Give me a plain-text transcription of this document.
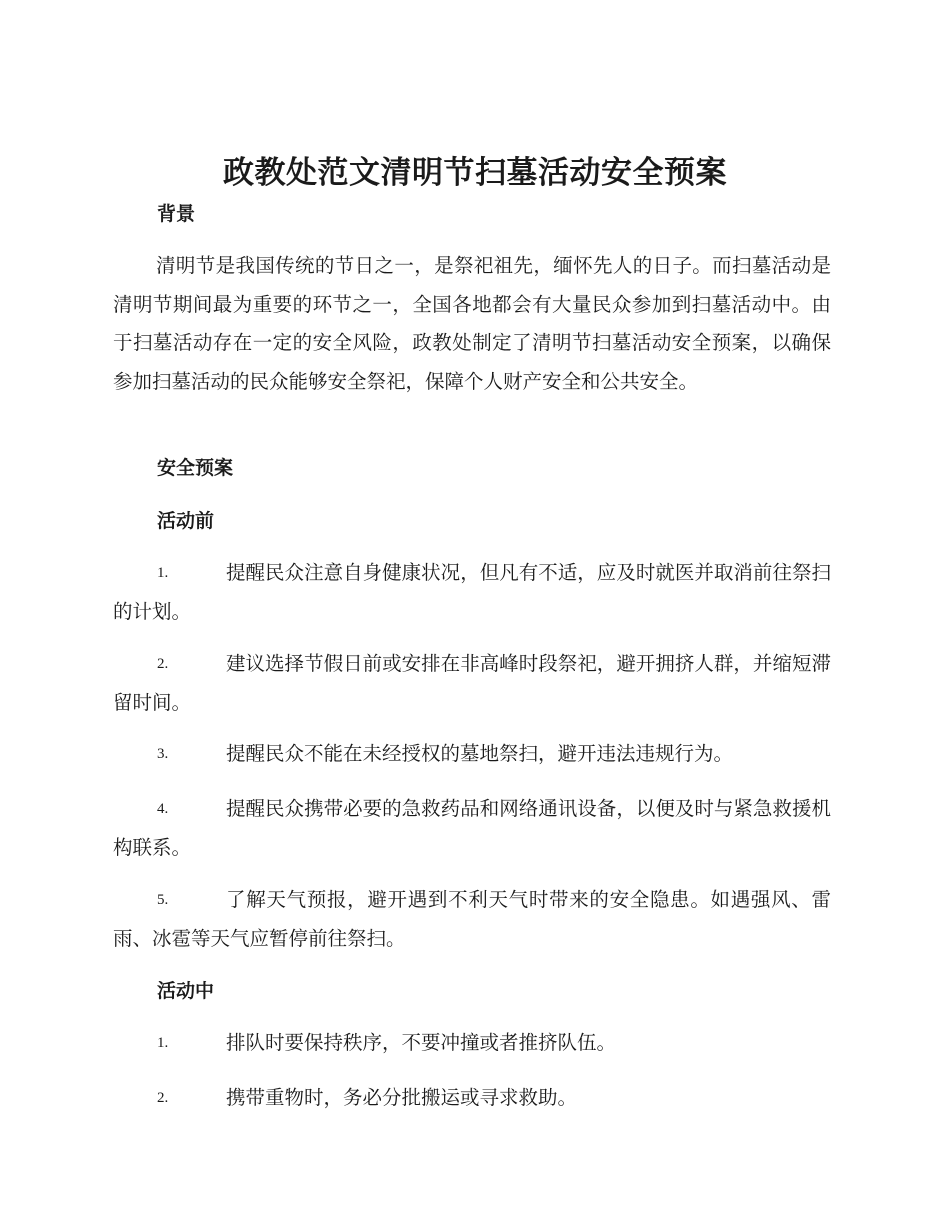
政教处范文清明节扫墓活动安全预案
背景
清明节是我国传统的节日之一，是祭祀祖先，缅怀先人的日子。而扫墓活动是清明节期间最为重要的环节之一，全国各地都会有大量民众参加到扫墓活动中。由于扫墓活动存在一定的安全风险，政教处制定了清明节扫墓活动安全预案，以确保参加扫墓活动的民众能够安全祭祀，保障个人财产安全和公共安全。
安全预案
活动前
1.	提醒民众注意自身健康状况，但凡有不适，应及时就医并取消前往祭扫的计划。
2.	建议选择节假日前或安排在非高峰时段祭祀，避开拥挤人群，并缩短滞留时间。
3.	提醒民众不能在未经授权的墓地祭扫，避开违法违规行为。
4.	提醒民众携带必要的急救药品和网络通讯设备，以便及时与紧急救援机构联系。
5.	了解天气预报，避开遇到不利天气时带来的安全隐患。如遇强风、雷雨、冰雹等天气应暂停前往祭扫。
活动中
1.	排队时要保持秩序，不要冲撞或者推挤队伍。
2.	携带重物时，务必分批搬运或寻求救助。
